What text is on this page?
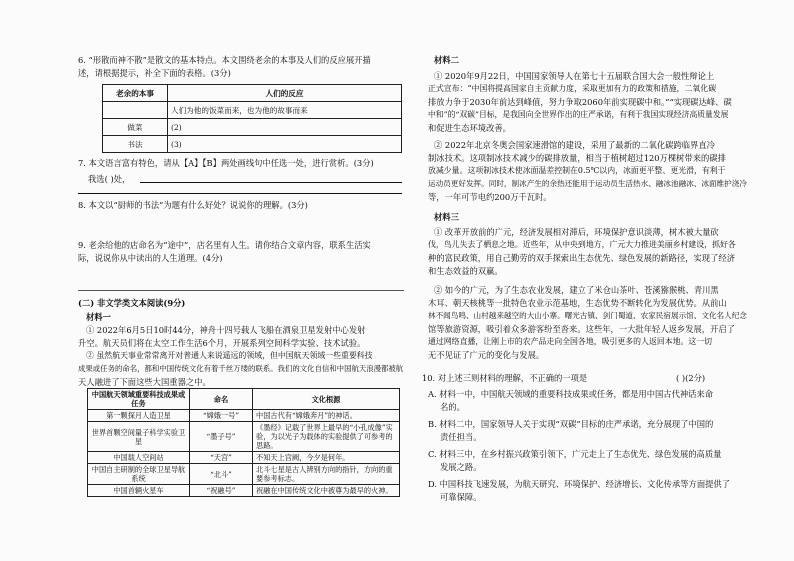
6. “形散而神不散”是散文的基本特点。本文围绕老余的本事及人们的反应展开描
述，请根据提示，补全下面的表格。(3分)
7. 本文语言富有特色，请从【A】【B】两处画线句中任选一处，进行赏析。(3分)
我选( )处，
8. 本文以“厨师的书法”为题有什么好处？说说你的理解。(3分)
9. 老余给他的店命名为“途中”，店名里有人生。请你结合文章内容，联系生活实
际，说说你从中读出的人生道理。(4分)
(二) 非文学类文本阅读(9分)
材料一
① 2022年6月5日10时44分，神舟十四号载人飞船在酒泉卫星发射中心发射
升空。航天员们将在太空工作生活6个月，开展系列空间科学实验、技术试验。
② 虽然航天事业常常离开对普通人来说遥远的领域，但中国航天领域一些重要科技
成果或任务的命名，都和中国传统文化有着千丝万缕的联系。我们的文化自信和中国航天浪漫都被航
天人融进了下面这些大国重器之中。
老余的本事	人们的反应
	人们为他的饭菜而来，也为他的故事而来
做菜	(2)
书法	(3)
中国航天领域重要科技成果或任务	命名	文化根源
第一颗探月人造卫星	“嫦娥一号”	中国古代有“嫦娥奔月”的神话。
世界首颗空间量子科学实验卫星	“墨子号”	《墨经》记载了世界上最早的“小孔成像”实验，为以光子为载体的实验提供了可参考的思路。
中国载人空间站	“天宫”	不知天上宫阙，今夕是何年。
中国自主研制的全球卫星导航系统	“北斗”	北斗七星是古人辨别方向的指针，方向的重要参考标志。
中国首辆火星车	“祝融号”	祝融在中国传统文化中被尊为最早的火神。
材料二
① 2020年9月22日，中国国家领导人在第七十五届联合国大会一般性辩论上
正式宣布：“中国将提高国家自主贡献力度，采取更加有力的政策和措施，二氧化碳
排放力争于2030年前达到峰值，努力争取2060年前实现碳中和。”“实现碳达峰、碳
中和”的“双碳”目标，是我国向全世界作出的庄严承诺，有利于我国实现经济高质量发展
和促进生态环境改善。
② 2022年北京冬奥会国家速滑馆的建设，采用了最新的二氧化碳跨临界直冷
制冰技术。这项制冰技术减少的碳排放量，相当于植树超过120万棵树带来的碳排
放减少量。这项制冰技术使冰面温差控制在0.5℃以内，冰面更平整、更光滑，有利于
运动员更好发挥。同时，制冰产生的余热还能用于运动员生活热水、融冰池融冰、冰面维护浇冷
等，一年可节电约200万千瓦时。
材料三
① 改革开放前的广元，经济发展相对滞后，环境保护意识淡薄，树木被大量砍
伐，鸟儿失去了栖息之地。近些年，从中央到地方，广元大力推进美丽乡村建设，抓好各
种的富民政策，用自己勤劳的双手探索出生态优先、绿色发展的新路径，实现了经济
和生态效益的双赢。
② 如今的广元，为了生态农业发展，建立了米仓山茶叶、苍溪猕猴桃、青川黑
木耳、朝天核桃等一批特色农业示范基地，生态优势不断转化为发展优势。从前山
林不闻鸟鸣、山村越来越空的大山小寨。曙光古镇、剑门蜀道、农家民宿展示馆、文化名人纪念
馆等旅游资源，吸引着众多游客纷至沓来。这些年，一大批年轻人返乡发展，开启了
通过网络直播，让刚上市的农产品走向全国各地，吸引更多的人返回本地。这一切
无不见证了广元的变化与发展。
10. 对上述三则材料的理解，不正确的一项是	( )(2分)
A. 材料一中，中国航天领域的重要科技成果或任务，都是用中国古代神话来命
名的。
B. 材料二中，国家领导人关于实现“双碳”目标的庄严承诺，充分展现了中国的
责任担当。
C. 材料三中，在乡村振兴政策引领下，广元走上了生态优先、绿色发展的高质量
发展之路。
D. 中国科技飞速发展，为航天研究、环境保护、经济增长、文化传承等方面提供了
可靠保障。
